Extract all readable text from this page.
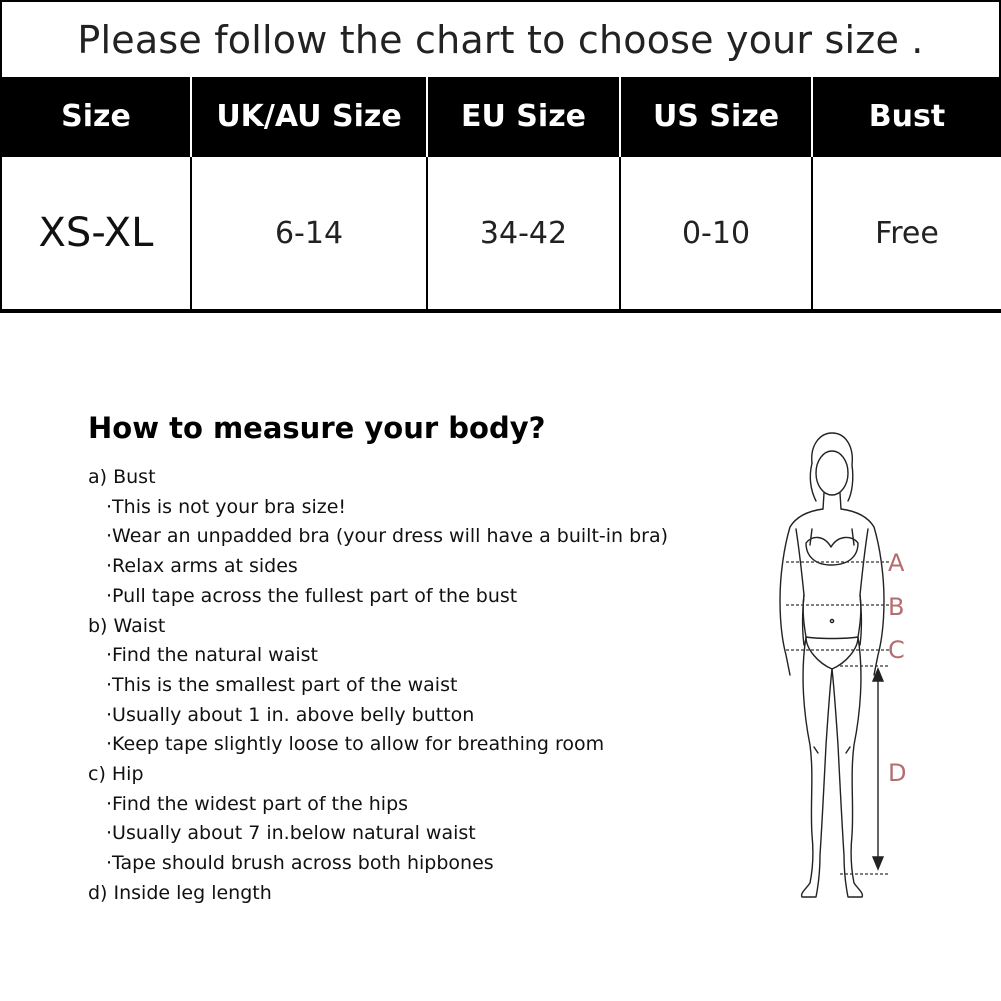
Please follow the chart to choose your size .
Size	UK/AU Size	EU Size	US Size	Bust
XS-XL	6-14	34-42	0-10	Free
How to measure your body?
a) Bust
·This is not your bra size!
·Wear an unpadded bra (your dress will have a built-in bra)
·Relax arms at sides
·Pull tape across the fullest part of the bust
b) Waist
·Find the natural waist
·This is the smallest part of the waist
·Usually about 1 in. above belly button
·Keep tape slightly loose to allow for breathing room
c) Hip
·Find the widest part of the hips
·Usually about 7 in.below natural waist
·Tape should brush across both hipbones
d) Inside leg length
A
B
C
D
